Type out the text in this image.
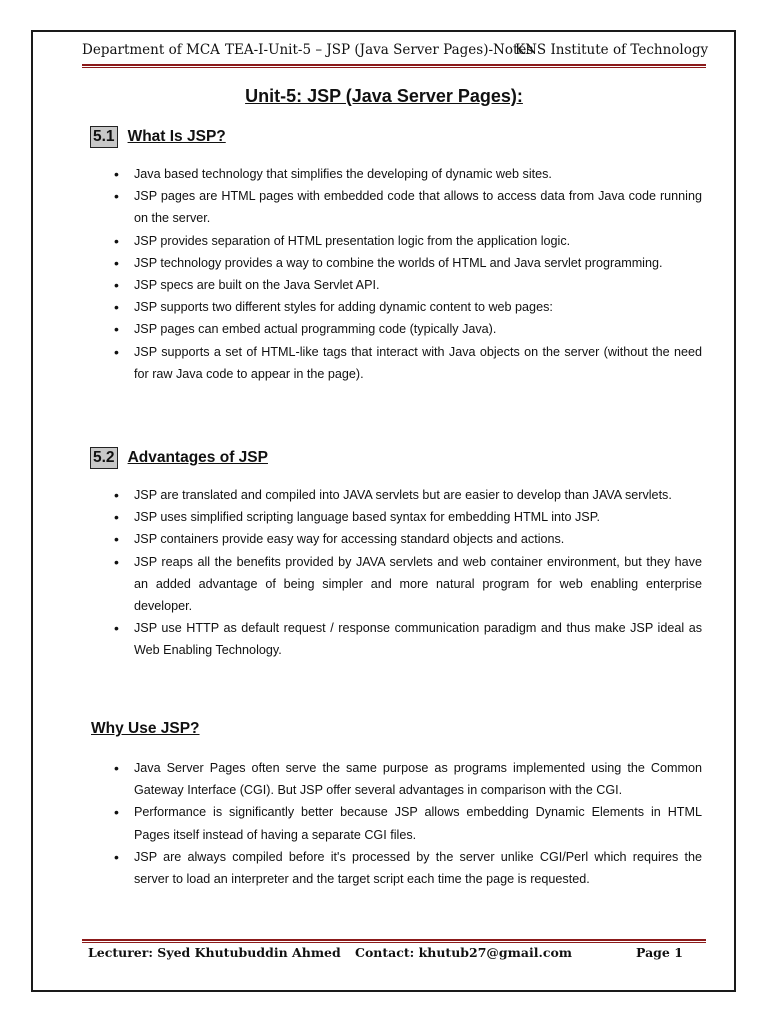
Department of MCA TEA-I-Unit-5 – JSP (Java Server Pages)-Notes
KNS Institute of Technology
Unit-5: JSP (Java Server Pages):
5.1 What Is JSP?
• Java based technology that simplifies the developing of dynamic web sites.
• JSP pages are HTML pages with embedded code that allows to access data from Java code running on the server.
• JSP provides separation of HTML presentation logic from the application logic.
• JSP technology provides a way to combine the worlds of HTML and Java servlet programming.
• JSP specs are built on the Java Servlet API.
• JSP supports two different styles for adding dynamic content to web pages:
• JSP pages can embed actual programming code (typically Java).
• JSP supports a set of HTML-like tags that interact with Java objects on the server (without the need for raw Java code to appear in the page).
5.2 Advantages of JSP
• JSP are translated and compiled into JAVA servlets but are easier to develop than JAVA servlets.
• JSP uses simplified scripting language based syntax for embedding HTML into JSP.
• JSP containers provide easy way for accessing standard objects and actions.
• JSP reaps all the benefits provided by JAVA servlets and web container environment, but they have an added advantage of being simpler and more natural program for web enabling enterprise developer.
• JSP use HTTP as default request / response communication paradigm and thus make JSP ideal as Web Enabling Technology.
Why Use JSP?
• Java Server Pages often serve the same purpose as programs implemented using the Common Gateway Interface (CGI). But JSP offer several advantages in comparison with the CGI.
• Performance is significantly better because JSP allows embedding Dynamic Elements in HTML Pages itself instead of having a separate CGI files.
• JSP are always compiled before it's processed by the server unlike CGI/Perl which requires the server to load an interpreter and the target script each time the page is requested.
Lecturer: Syed Khutubuddin Ahmed Contact: khutub27@gmail.com	Page 1
